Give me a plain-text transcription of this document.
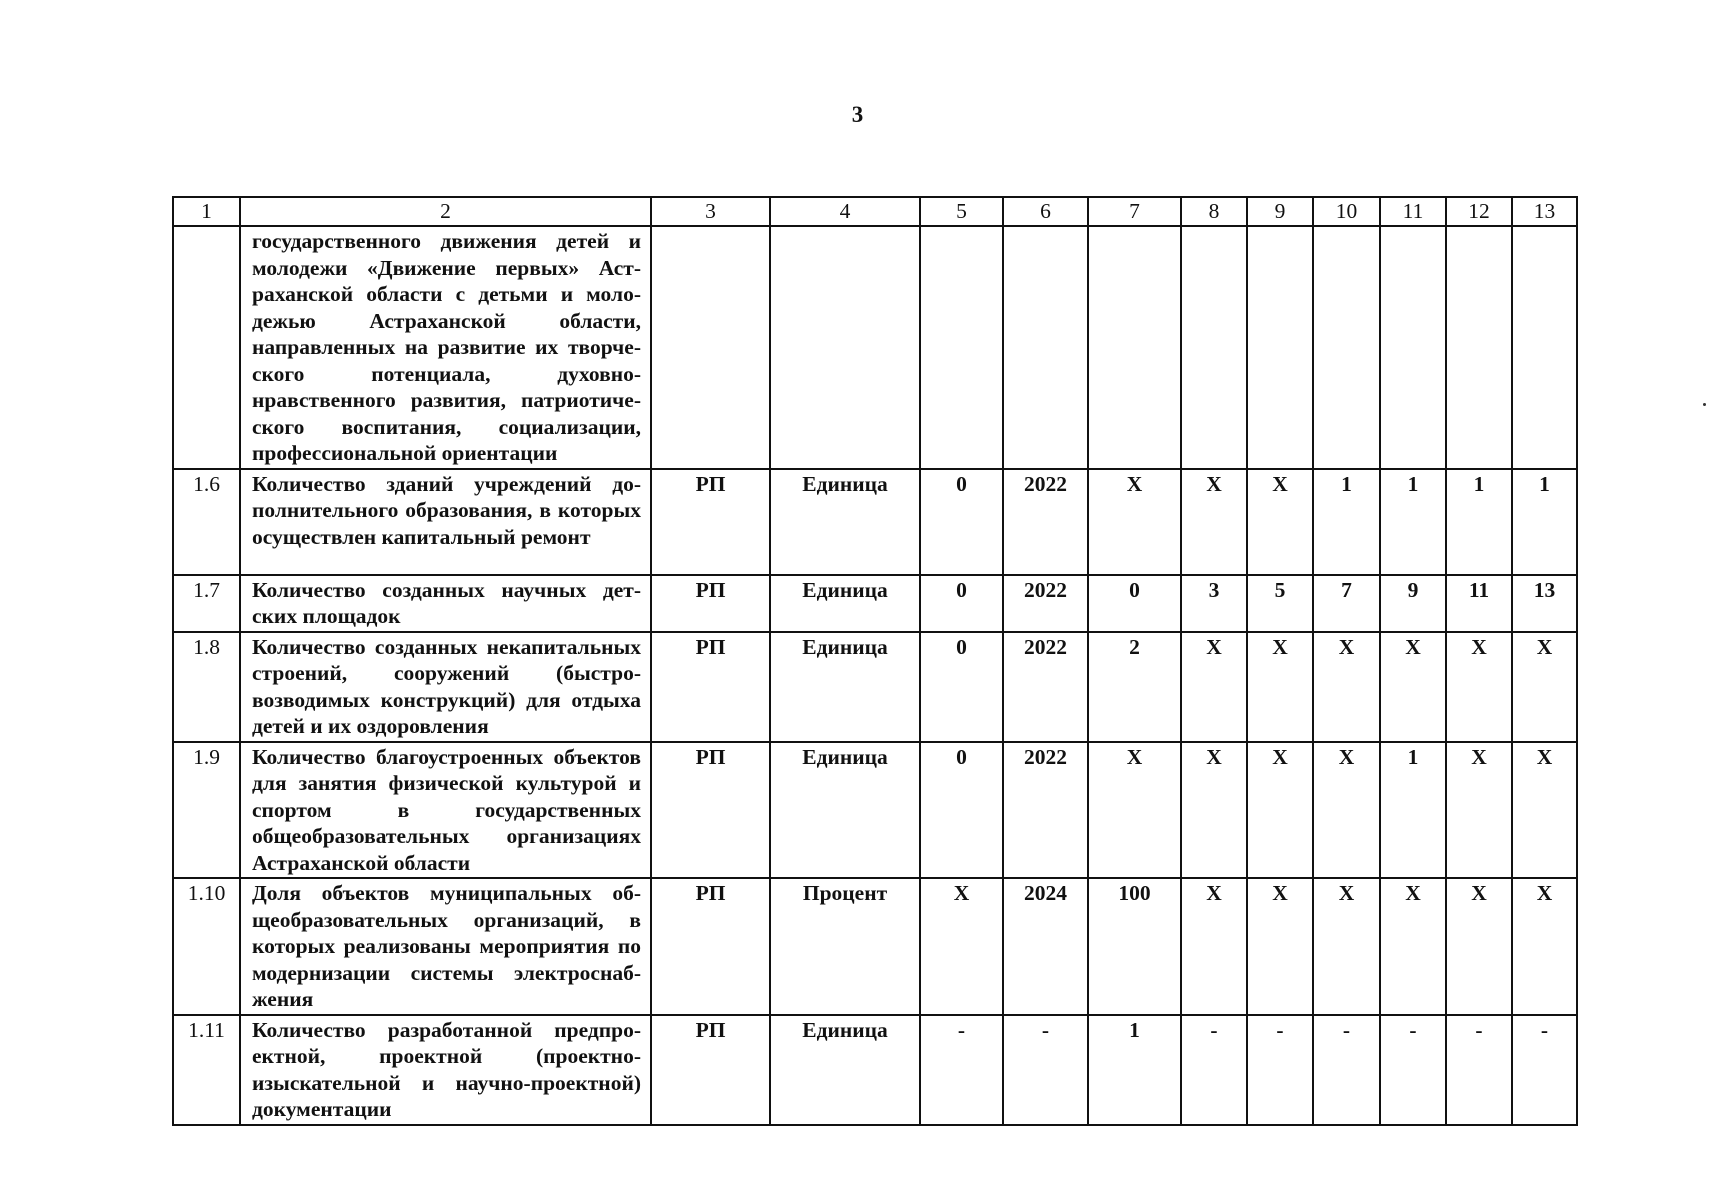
3
1	2	3	4	5	6	7	8	9	10	11	12	13
	государственного движения детей и молодежи «Движение первых» Астраханской области с детьми и молодежью Астраханской области, направленных на развитие их творческого потенциала, духовно-нравственного развития, патриотического воспитания, социализации, профессиональной ориентации											
1.6	Количество зданий учреждений дополнительного образования, в которых осуществлен капитальный ремонт	РП	Единица	0	2022	Х	Х	Х	1	1	1	1
1.7	Количество созданных научных детских площадок	РП	Единица	0	2022	0	3	5	7	9	11	13
1.8	Количество созданных некапитальных строений, сооружений (быстровозводимых конструкций) для отдыха детей и их оздоровления	РП	Единица	0	2022	2	Х	Х	Х	Х	Х	Х
1.9	Количество благоустроенных объектов для занятия физической культурой и спортом в государственных общеобразовательных организациях Астраханской области	РП	Единица	0	2022	Х	Х	Х	Х	1	Х	Х
1.10	Доля объектов муниципальных общеобразовательных организаций, в которых реализованы мероприятия по модернизации системы электроснабжения	РП	Процент	Х	2024	100	Х	Х	Х	Х	Х	Х
1.11	Количество разработанной предпроектной, проектной (проектно-изыскательной и научно-проектной) документации	РП	Единица	-	-	1	-	-	-	-	-	-
